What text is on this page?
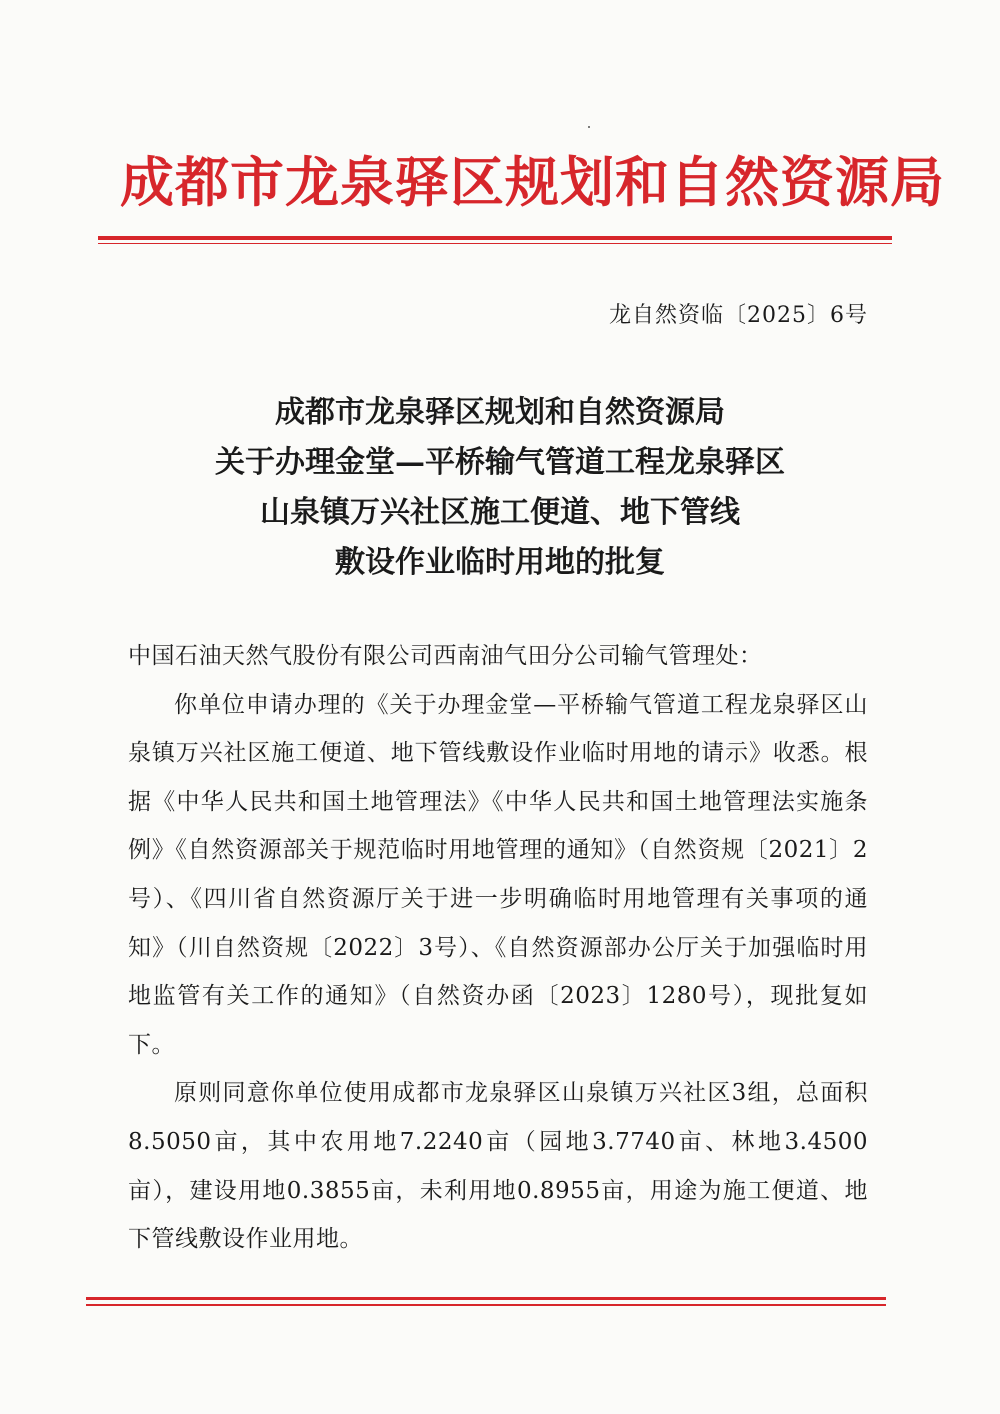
成都市龙泉驿区规划和自然资源局
龙自然资临〔2025〕6号
成都市龙泉驿区规划和自然资源局
关于办理金堂—平桥输气管道工程龙泉驿区
山泉镇万兴社区施工便道、地下管线
敷设作业临时用地的批复

中国石油天然气股份有限公司西南油气田分公司输气管理处：

你单位申请办理的《关于办理金堂—平桥输气管道工程龙泉驿区山泉镇万兴社区施工便道、地下管线敷设作业临时用地的请示》收悉。根据《中华人民共和国土地管理法》《中华人民共和国土地管理法实施条例》《自然资源部关于规范临时用地管理的通知》（自然资规〔2021〕2号）、《四川省自然资源厅关于进一步明确临时用地管理有关事项的通知》（川自然资规〔2022〕3号）、《自然资源部办公厅关于加强临时用地监管有关工作的通知》（自然资办函〔2023〕1280号），现批复如下。

原则同意你单位使用成都市龙泉驿区山泉镇万兴社区3组，总面积8.5050亩，其中农用地7.2240亩（园地3.7740亩、林地3.4500亩），建设用地0.3855亩，未利用地0.8955亩，用途为施工便道、地下管线敷设作业用地。
